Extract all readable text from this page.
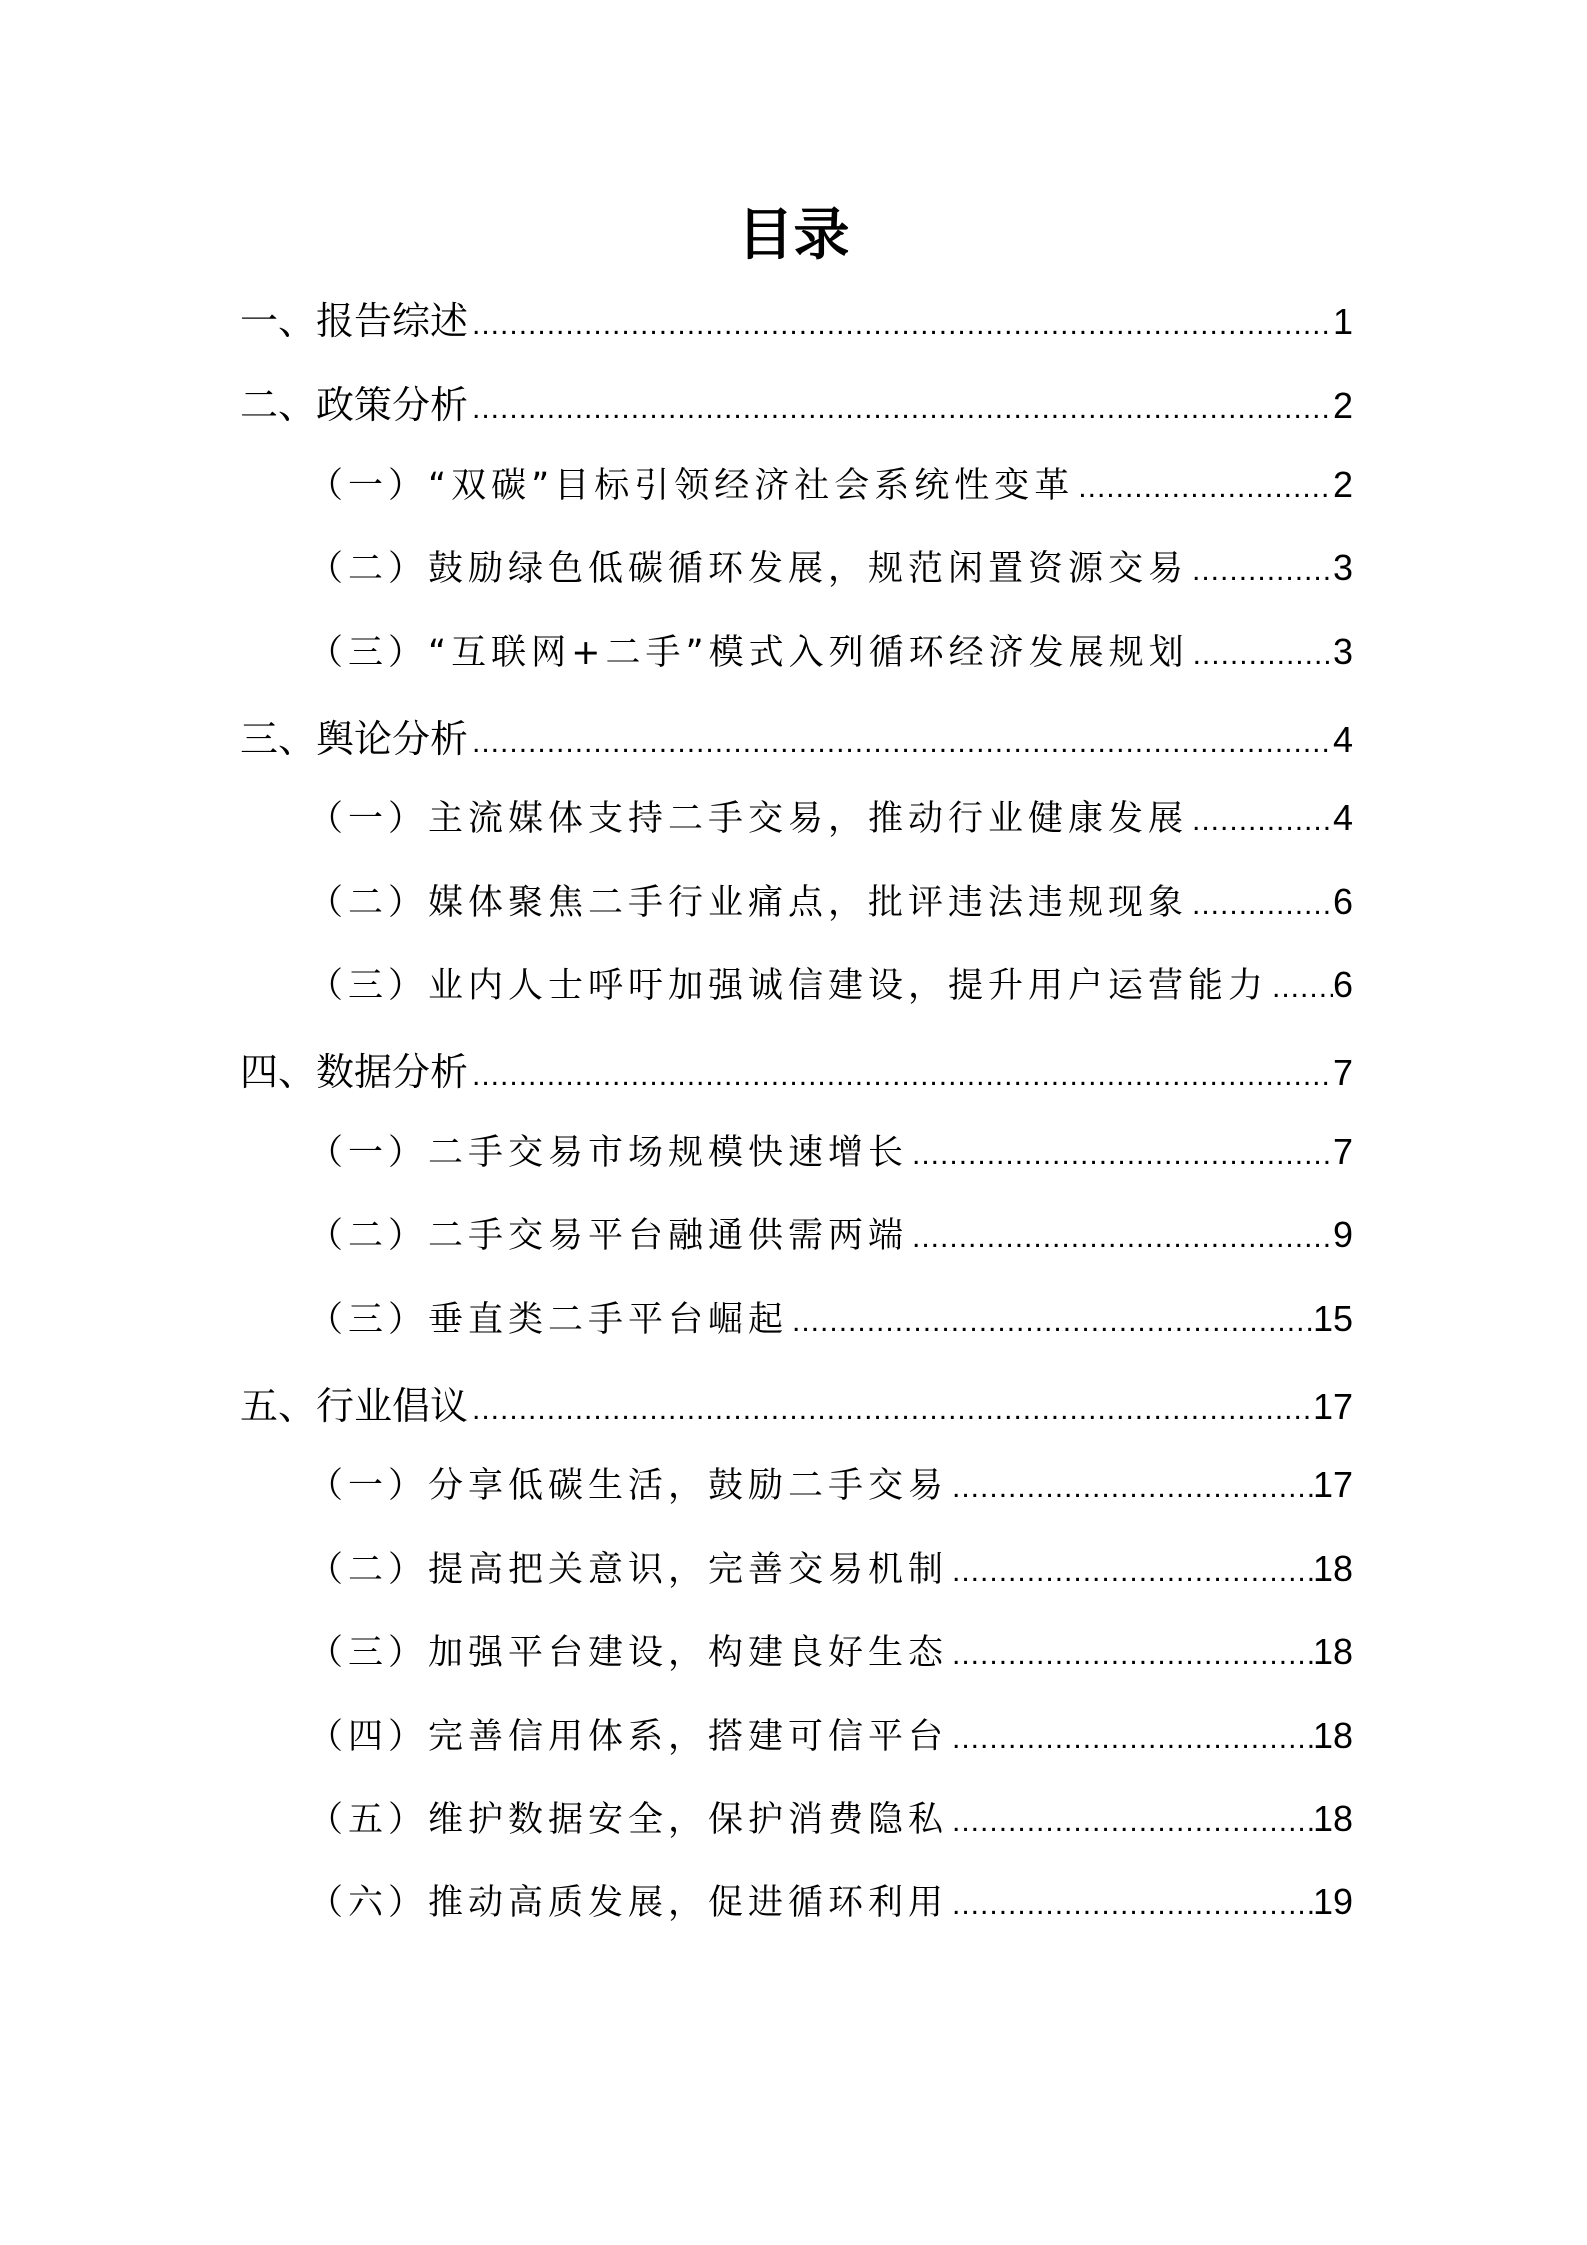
目录
一、报告综述 .....	1
二、政策分析 .....	2
（一）“双碳”目标引领经济社会系统性变革 .....	2
（二）鼓励绿色低碳循环发展，规范闲置资源交易 .....	3
（三）“互联网+二手”模式入列循环经济发展规划 .....	3
三、舆论分析 .....	4
（一）主流媒体支持二手交易，推动行业健康发展 .....	4
（二）媒体聚焦二手行业痛点，批评违法违规现象 .....	6
（三）业内人士呼吁加强诚信建设，提升用户运营能力 ..... 6
四、数据分析 .....	7
（一）二手交易市场规模快速增长 .....	7
（二）二手交易平台融通供需两端 .....	9
（三）垂直类二手平台崛起 .....	15
五、行业倡议 .....	17
（一）分享低碳生活，鼓励二手交易 .....	17
（二）提高把关意识，完善交易机制 .....	18
（三）加强平台建设，构建良好生态 .....	18
（四）完善信用体系，搭建可信平台 .....	18
（五）维护数据安全，保护消费隐私 .....	18
（六）推动高质发展，促进循环利用 .....	19
